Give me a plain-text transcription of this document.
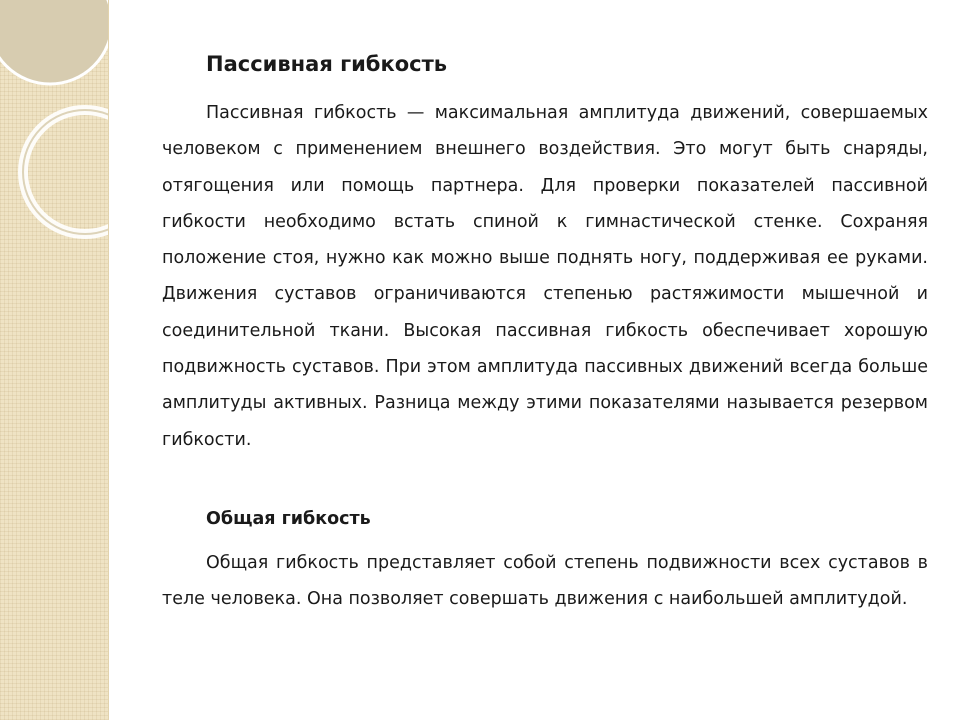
Пассивная гибкость

Пассивная гибкость — максимальная амплитуда движений, совершаемых человеком с применением внешнего воздействия. Это могут быть снаряды, отягощения или помощь партнера. Для проверки показателей пассивной гибкости необходимо встать спиной к гимнастической стенке. Сохраняя положение стоя, нужно как можно выше поднять ногу, поддерживая ее руками. Движения суставов ограничиваются степенью растяжимости мышечной и соединительной ткани. Высокая пассивная гибкость обеспечивает хорошую подвижность суставов. При этом амплитуда пассивных движений всегда больше амплитуды активных. Разница между этими показателями называется резервом гибкости.

Общая гибкость

Общая гибкость представляет собой степень подвижности всех суставов в теле человека. Она позволяет совершать движения с наибольшей амплитудой.
